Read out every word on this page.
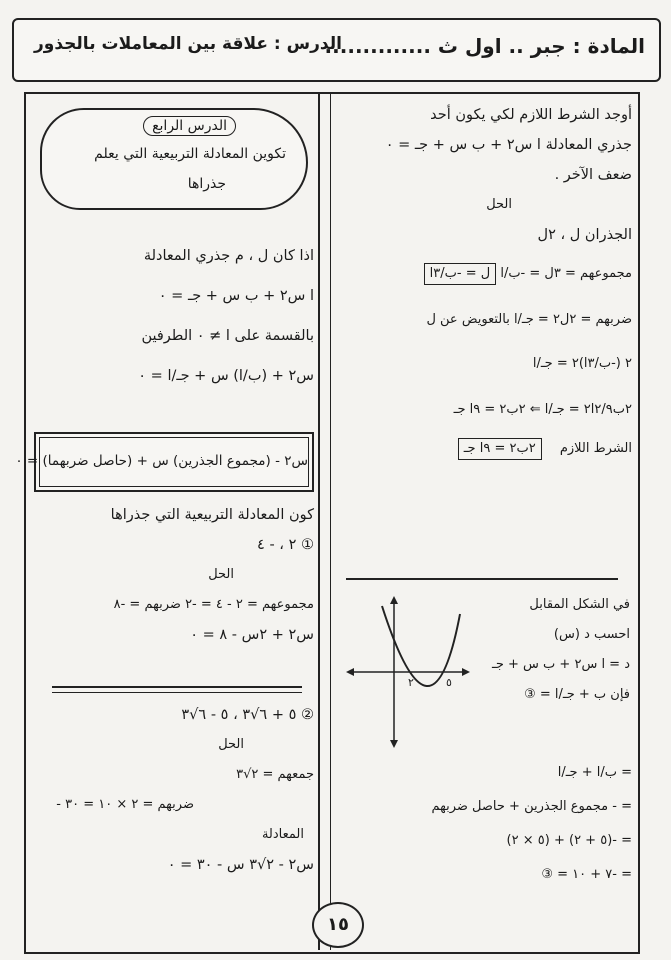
المادة : جبر .. اول ث ..............
الدرس : علاقة بين المعاملات بالجذور
الدرس الرابع
تكوين المعادلة التربيعية التي يعلم
جذراها
اذا كان ل ، م جذري المعادلة
ا س٢ + ب س + جـ = ٠
بالقسمة على ا ≠ ٠ الطرفين
س٢ + (ب/ا) س + جـ/ا = ٠
س٢ - (مجموع الجذرين) س + (حاصل ضربهما) = ٠
كون المعادلة التربيعية التي جذراها
① ٢ ، - ٤
الحل
مجموعهم = ٢ - ٤ = -٢ ضربهم = -٨
س٢ + ٢س - ٨ = ٠
② ٥ + ٦√٣ ، ٥ - ٦√٣
الحل
جمعهم = ٢√٣
ضربهم = ٢ × ١٠ = ٣٠ -
المعادلة
س٢ - ٢√٣ س - ٣٠ = ٠
أوجد الشرط اللازم لكي يكون أحد
جذري المعادلة ا س٢ + ب س + جـ = ٠
ضعف الآخر .
الحل
الجذران ل ، ٢ل
مجموعهم = ٣ل = -ب/ا ل = -ب/٣ا
ضربهم = ٢ل٢ = جـ/ا بالتعويض عن ل
٢ (-ب/٣ا)٢ = جـ/ا
٢ب٢/٩ا٢ = جـ/ا ⇐ ٢ب٢ = ٩ا جـ
الشرط اللازم ٢ب٢ = ٩ا جـ
في الشكل المقابل
احسب د (س)
د = ا س٢ + ب س + جـ
فإن ب + جـ/ا = ③
٢	٥
= ب/ا + جـ/ا
= - مجموع الجذرين + حاصل ضربهم
= -(٥ + ٢) + (٥ × ٢)
= -٧ + ١٠ = ③
١٥
